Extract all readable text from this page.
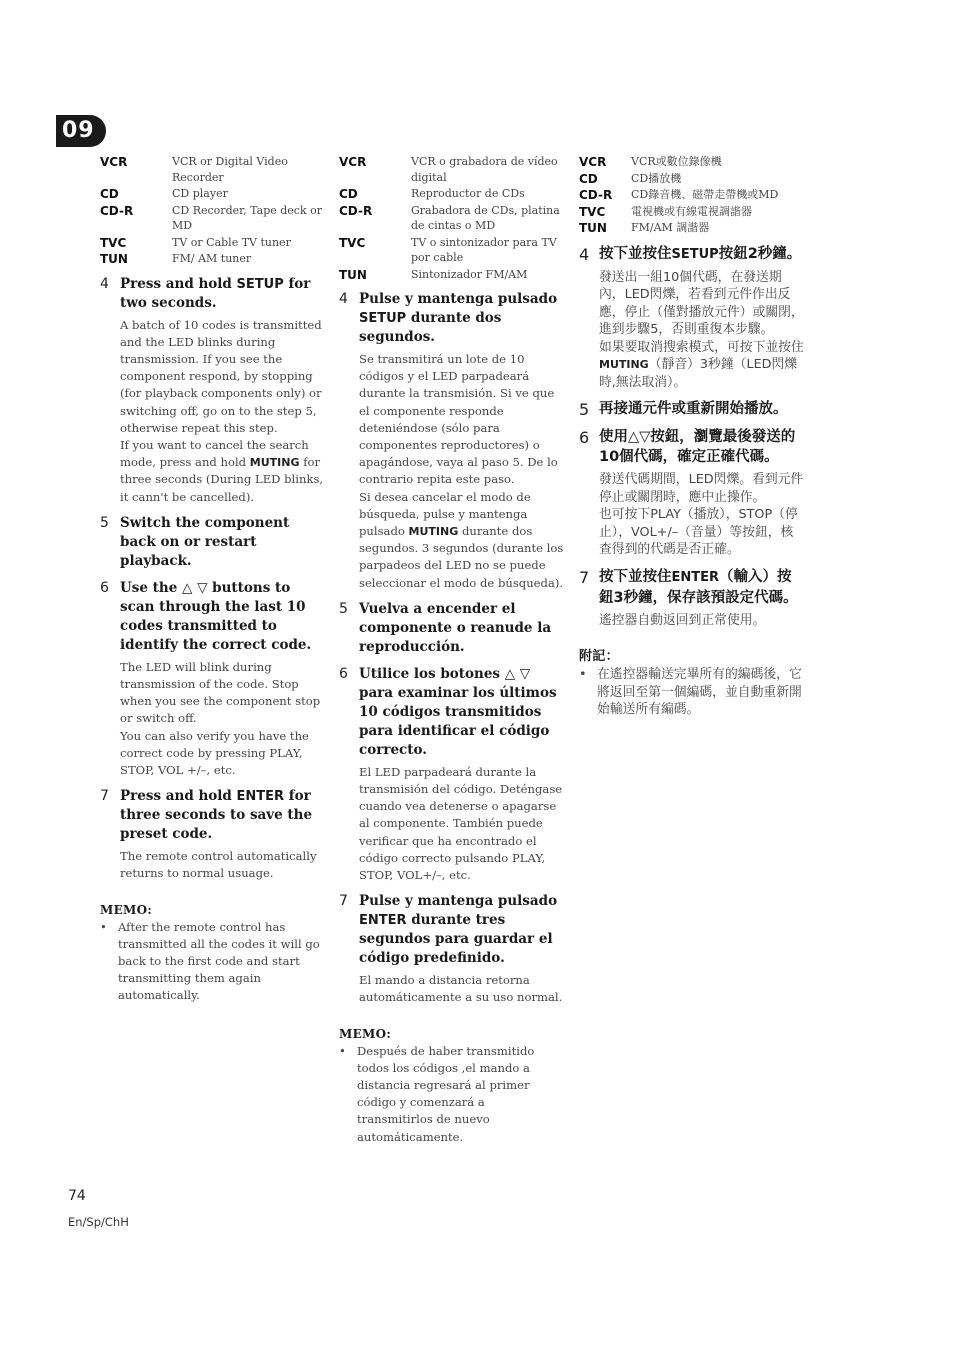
09
VCR	VCR or Digital Video Recorder
CD	CD player
CD-R	CD Recorder, Tape deck or MD
TVC	TV or Cable TV tuner
TUN	FM/ AM tuner
4 Press and hold SETUP for two seconds.
A batch of 10 codes is transmitted and the LED blinks during transmission. If you see the component respond, by stopping (for playback components only) or switching off, go on to the step 5, otherwise repeat this step.
If you want to cancel the search mode, press and hold MUTING for three seconds (During LED blinks, it cann't be cancelled).
5 Switch the component back on or restart playback.
6 Use the △ ▽ buttons to scan through the last 10 codes transmitted to identify the correct code.
The LED will blink during transmission of the code. Stop when you see the component stop or switch off.
You can also verify you have the correct code by pressing PLAY, STOP, VOL +/–, etc.
7 Press and hold ENTER for three seconds to save the preset code.
The remote control automatically returns to normal usuage.
MEMO:
• After the remote control has transmitted all the codes it will go back to the first code and start transmitting them again automatically.
VCR	VCR o grabadora de vídeo digital
CD	Reproductor de CDs
CD-R	Grabadora de CDs, platina de cintas o MD
TVC	TV o sintonizador para TV por cable
TUN	Sintonizador FM/AM
4 Pulse y mantenga pulsado SETUP durante dos segundos.
Se transmitirá un lote de 10 códigos y el LED parpadeará durante la transmisión. Si ve que el componente responde deteniéndose (sólo para componentes reproductores) o apagándose, vaya al paso 5. De lo contrario repita este paso.
Si desea cancelar el modo de búsqueda, pulse y mantenga pulsado MUTING durante dos segundos. 3 segundos (durante los parpadeos del LED no se puede seleccionar el modo de búsqueda).
5 Vuelva a encender el componente o reanude la reproducción.
6 Utilice los botones △ ▽ para examinar los últimos 10 códigos transmitidos para identificar el código correcto.
El LED parpadeará durante la transmisión del código. Deténgase cuando vea detenerse o apagarse al componente. También puede verificar que ha encontrado el código correcto pulsando PLAY, STOP, VOL+/–, etc.
7 Pulse y mantenga pulsado ENTER durante tres segundos para guardar el código predefinido.
El mando a distancia retorna automáticamente a su uso normal.
MEMO:
• Después de haber transmitido todos los códigos ,el mando a distancia regresará al primer código y comenzará a transmitirlos de nuevo automáticamente.
VCR	VCR或數位錄像機
CD	CD播放機
CD-R	CD錄音機、磁帶走帶機或MD
TVC	電視機或有線電視調諧器
TUN	FM/AM 調諧器
4 按下並按住SETUP按鈕2秒鐘。
發送出一組10個代碼，在發送期內，LED閃爍，若看到元件作出反應，停止（僅對播放元件）或關閉，進到步驟5，否則重復本步驟。
如果要取消搜索模式，可按下並按住MUTING（靜音）3秒鐘（LED閃爍時,無法取消）。
5 再接通元件或重新開始播放。
6 使用△▽按鈕，瀏覽最後發送的10個代碼，確定正確代碼。
發送代碼期間，LED閃爍。看到元件停止或關閉時，應中止操作。
也可按下PLAY（播放），STOP（停止），VOL+/–（音量）等按鈕，核查得到的代碼是否正確。
7 按下並按住ENTER（輸入）按鈕3秒鐘，保存該預設定代碼。
遙控器自動返回到正常使用。
附記：
• 在遙控器輸送完畢所有的編碼後，它將返回至第一個編碼，並自動重新開始輸送所有編碼。
74
En/Sp/ChH
